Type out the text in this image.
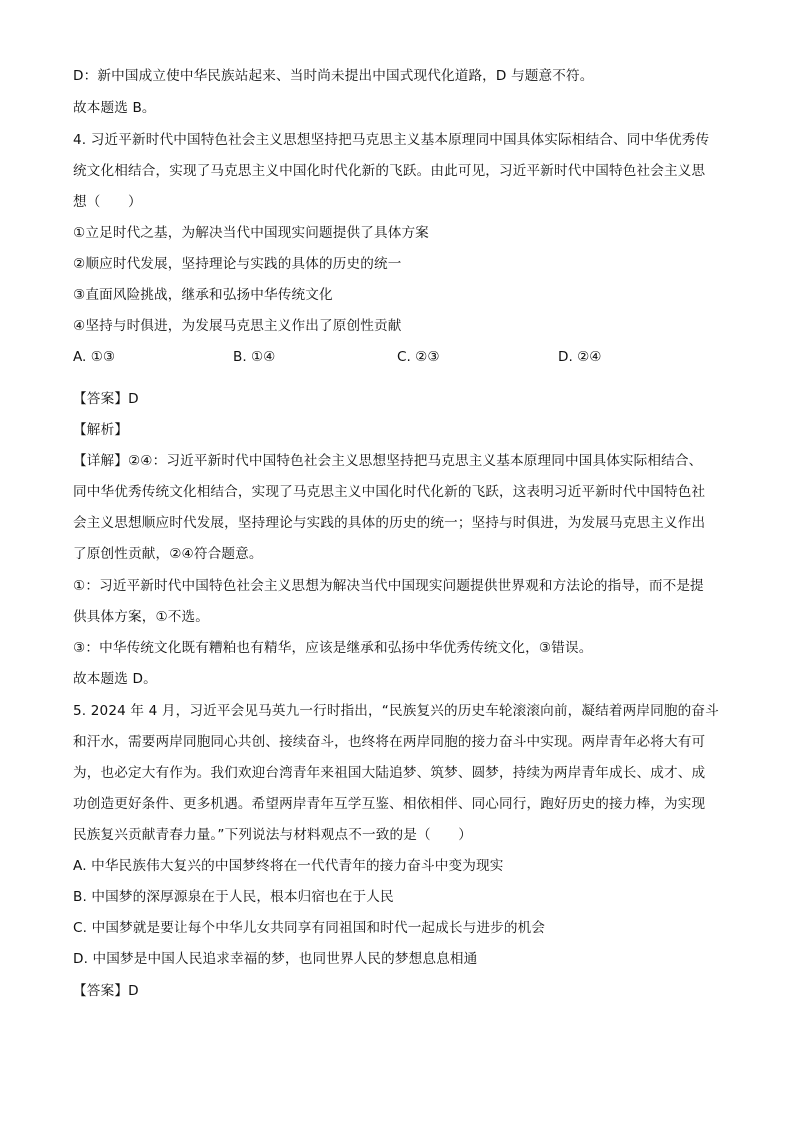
D：新中国成立使中华民族站起来、当时尚未提出中国式现代化道路，D 与题意不符。
故本题选 B。
4. 习近平新时代中国特色社会主义思想坚持把马克思主义基本原理同中国具体实际相结合、同中华优秀传
统文化相结合，实现了马克思主义中国化时代化新的飞跃。由此可见，习近平新时代中国特色社会主义思
想（　　）
①立足时代之基，为解决当代中国现实问题提供了具体方案
②顺应时代发展，坚持理论与实践的具体的历史的统一
③直面风险挑战，继承和弘扬中华传统文化
④坚持与时俱进，为发展马克思主义作出了原创性贡献
A. ①③	B. ①④	C. ②③	D. ②④
【答案】D
【解析】
【详解】②④：习近平新时代中国特色社会主义思想坚持把马克思主义基本原理同中国具体实际相结合、
同中华优秀传统文化相结合，实现了马克思主义中国化时代化新的飞跃，这表明习近平新时代中国特色社
会主义思想顺应时代发展，坚持理论与实践的具体的历史的统一；坚持与时俱进，为发展马克思主义作出
了原创性贡献，②④符合题意。
①：习近平新时代中国特色社会主义思想为解决当代中国现实问题提供世界观和方法论的指导，而不是提
供具体方案，①不选。
③：中华传统文化既有糟粕也有精华，应该是继承和弘扬中华优秀传统文化，③错误。
故本题选 D。
5. 2024 年 4 月，习近平会见马英九一行时指出，“民族复兴的历史车轮滚滚向前，凝结着两岸同胞的奋斗
和汗水，需要两岸同胞同心共创、接续奋斗，也终将在两岸同胞的接力奋斗中实现。两岸青年必将大有可
为，也必定大有作为。我们欢迎台湾青年来祖国大陆追梦、筑梦、圆梦，持续为两岸青年成长、成才、成
功创造更好条件、更多机遇。希望两岸青年互学互鉴、相依相伴、同心同行，跑好历史的接力棒，为实现
民族复兴贡献青春力量。”下列说法与材料观点不一致的是（　　）
A. 中华民族伟大复兴的中国梦终将在一代代青年的接力奋斗中变为现实
B. 中国梦的深厚源泉在于人民，根本归宿也在于人民
C. 中国梦就是要让每个中华儿女共同享有同祖国和时代一起成长与进步的机会
D. 中国梦是中国人民追求幸福的梦，也同世界人民的梦想息息相通
【答案】D
